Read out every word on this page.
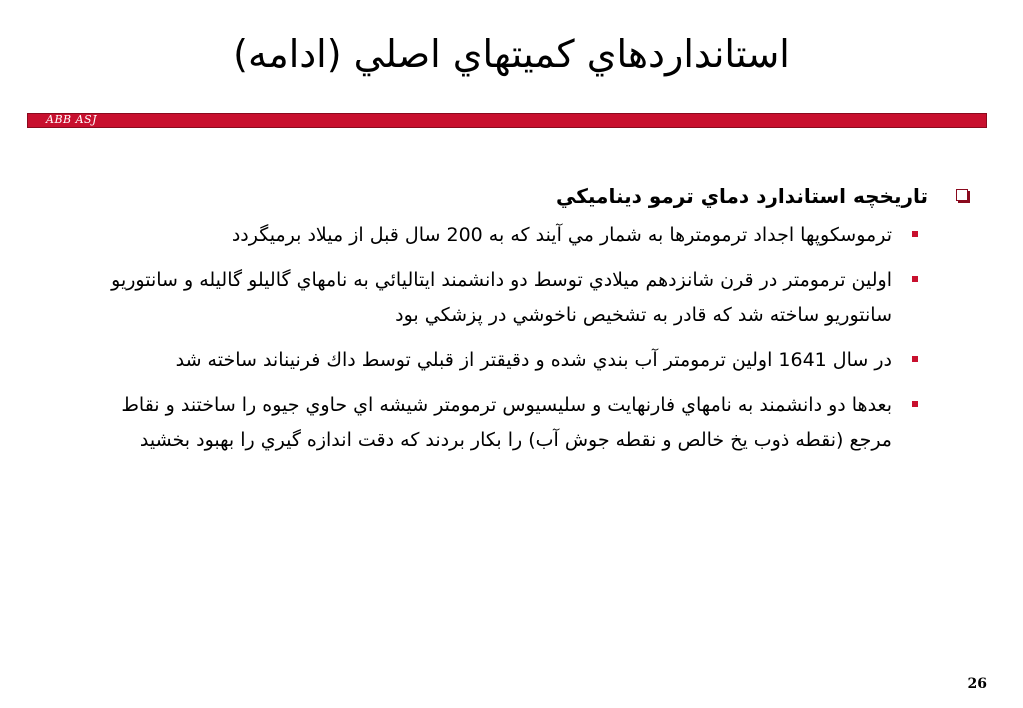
استانداردهاي كميتهاي اصلي (ادامه)
ABB ASJ
تاريخچه استاندارد دماي ترمو ديناميكي
ترموسكوپها اجداد ترمومترها به شمار مي آيند كه به 200 سال قبل از ميلاد برميگردد
اولين ترمومتر در قرن شانزدهم ميلادي توسط دو دانشمند ايتاليائي به نامهاي گاليلو گاليله و سانتوريو سانتوريو ساخته شد كه قادر به تشخيص ناخوشي در پزشكي بود
در سال 1641 اولين ترمومتر آب بندي شده و دقيقتر از قبلي توسط داك فرنيناند ساخته شد
بعدها دو دانشمند به نامهاي فارنهايت و سليسيوس ترمومتر شيشه اي حاوي جيوه را ساختند و نقاط مرجع (نقطه ذوب يخ خالص و نقطه جوش آب) را بكار بردند كه دقت اندازه گيري را بهبود بخشيد
26
